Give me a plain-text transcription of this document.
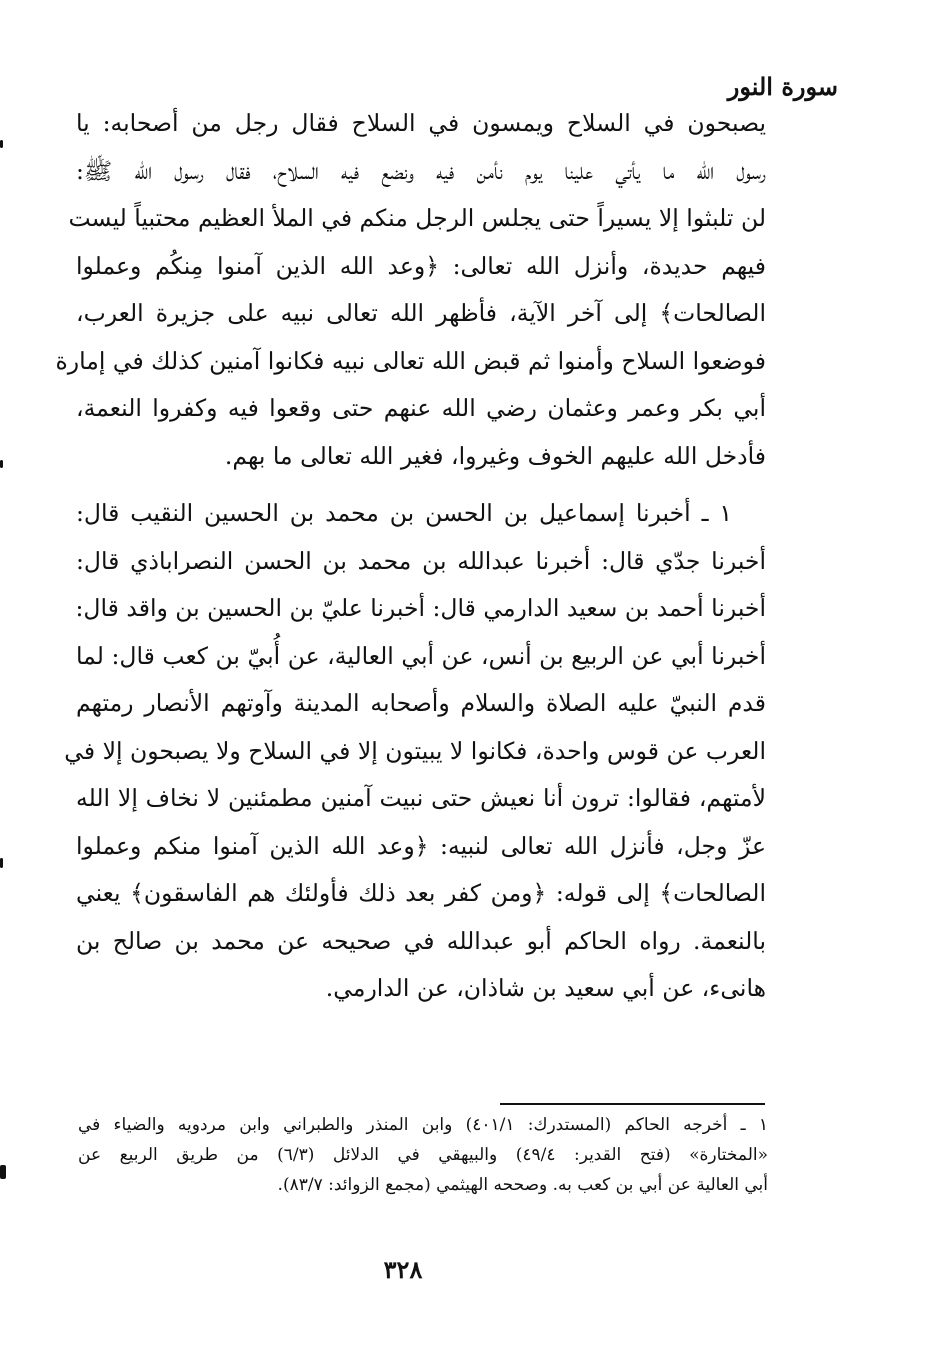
سورة النور
يصبحون في السلاح ويمسون في السلاح فقال رجل من أصحابه: يا
رسول الله ما يأتي علينا يوم نأمن فيه ونضع فيه السلاح، فقال رسول الله ﷺ:
لن تلبثوا إلا يسيراً حتى يجلس الرجل منكم في الملأ العظيم محتبياً ليست
فيهم حديدة، وأنزل الله تعالى: ﴿وعد الله الذين آمنوا مِنكُم وعملوا
الصالحات﴾ إلى آخر الآية، فأظهر الله تعالى نبيه على جزيرة العرب،
فوضعوا السلاح وأمنوا ثم قبض الله تعالى نبيه فكانوا آمنين كذلك في إمارة
أبي بكر وعمر وعثمان رضي الله عنهم حتى وقعوا فيه وكفروا النعمة،
فأدخل الله عليهم الخوف وغيروا، فغير الله تعالى ما بهم.
١ ـ أخبرنا إسماعيل بن الحسن بن محمد بن الحسين النقيب قال:
أخبرنا جدّي قال: أخبرنا عبدالله بن محمد بن الحسن النصراباذي قال:
أخبرنا أحمد بن سعيد الدارمي قال: أخبرنا عليّ بن الحسين بن واقد قال:
أخبرنا أبي عن الربيع بن أنس، عن أبي العالية، عن أُبيّ بن كعب قال: لما
قدم النبيّ عليه الصلاة والسلام وأصحابه المدينة وآوتهم الأنصار رمتهم
العرب عن قوس واحدة، فكانوا لا يبيتون إلا في السلاح ولا يصبحون إلا في
لأمتهم، فقالوا: ترون أنا نعيش حتى نبيت آمنين مطمئنين لا نخاف إلا الله
عزّ وجل، فأنزل الله تعالى لنبيه: ﴿وعد الله الذين آمنوا منكم وعملوا
الصالحات﴾ إلى قوله: ﴿ومن كفر بعد ذلك فأولئك هم الفاسقون﴾ يعني
بالنعمة. رواه الحاكم أبو عبدالله في صحيحه عن محمد بن صالح بن
هانىء، عن أبي سعيد بن شاذان، عن الدارمي.
١ ـ أخرجه الحاكم (المستدرك: ٤٠١/١) وابن المنذر والطبراني وابن مردويه والضياء في
«المختارة» (فتح القدير: ٤٩/٤) والبيهقي في الدلائل (٦/٣) من طريق الربيع عن
أبي العالية عن أبي بن كعب به. وصححه الهيثمي (مجمع الزوائد: ٨٣/٧).
٣٢٨
